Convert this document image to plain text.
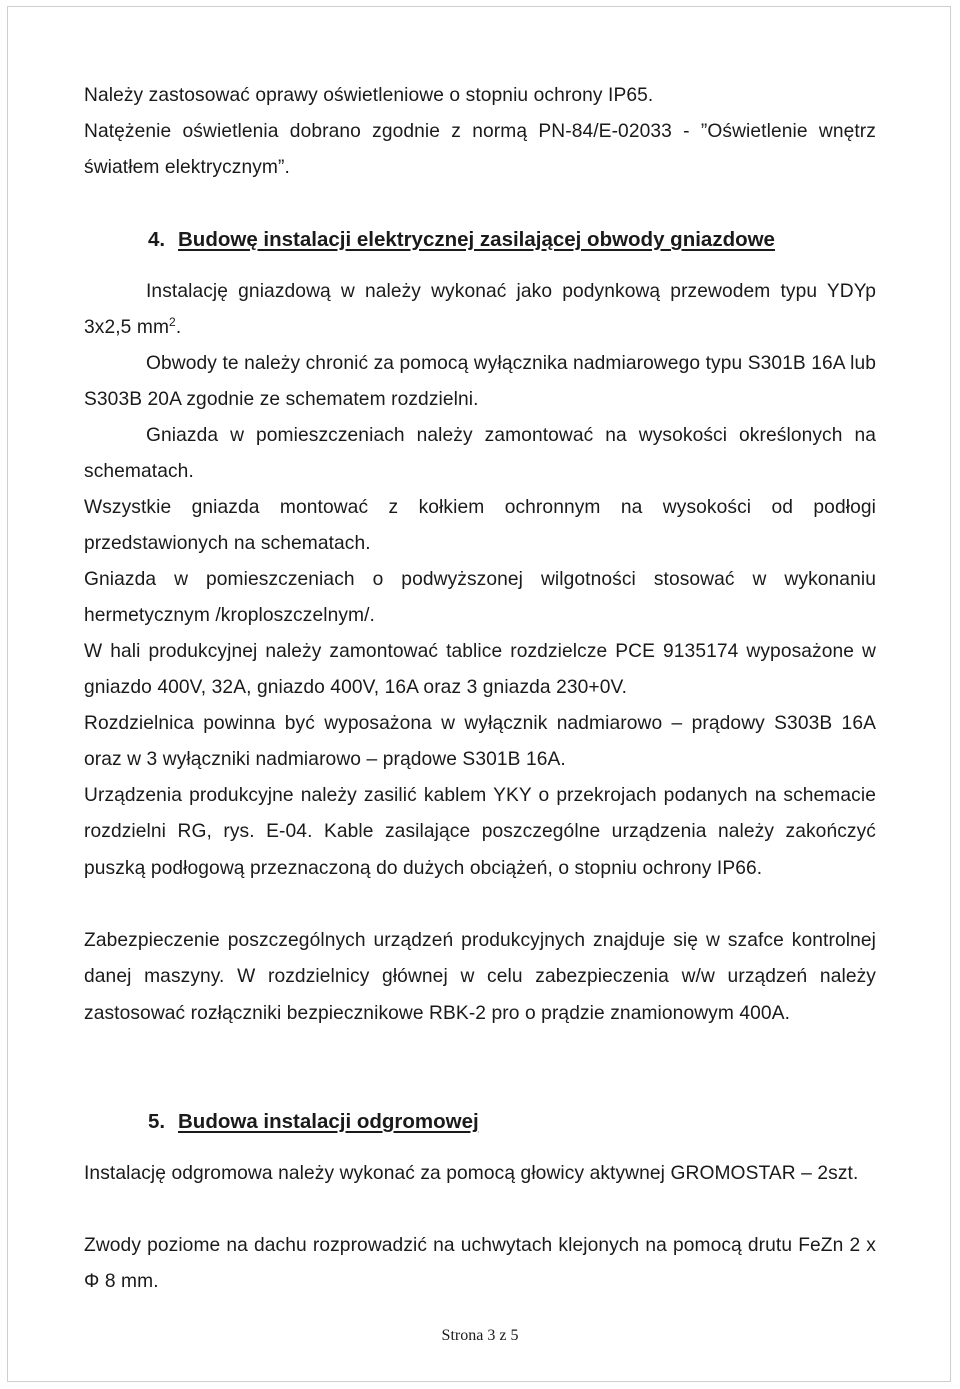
Należy zastosować oprawy oświetleniowe o stopniu ochrony IP65.

Natężenie oświetlenia dobrano zgodnie z normą PN-84/E-02033 - ”Oświetlenie wnętrz światłem elektrycznym”.

4. Budowę instalacji elektrycznej zasilającej obwody gniazdowe

Instalację gniazdową w należy wykonać jako podynkową przewodem typu YDYp 3x2,5 $mm^2$.

Obwody te należy chronić za pomocą wyłącznika nadmiarowego typu S301B 16A lub S303B 20A zgodnie ze schematem rozdzielni.

Gniazda w pomieszczeniach należy zamontować na wysokości określonych na schematach.

Wszystkie gniazda montować z kołkiem ochronnym na wysokości od podłogi przedstawionych na schematach.

Gniazda w pomieszczeniach o podwyższonej wilgotności stosować w wykonaniu hermetycznym /kroploszczelnym/.

W hali produkcyjnej należy zamontować tablice rozdzielcze PCE 9135174 wyposażone w gniazdo 400V, 32A, gniazdo 400V, 16A oraz 3 gniazda 230+0V.

Rozdzielnica powinna być wyposażona w wyłącznik nadmiarowo – prądowy S303B 16A oraz w 3 wyłączniki nadmiarowo – prądowe S301B 16A.

Urządzenia produkcyjne należy zasilić kablem YKY o przekrojach podanych na schemacie rozdzielni RG, rys. E-04. Kable zasilające poszczególne urządzenia należy zakończyć puszką podłogową przeznaczoną do dużych obciążeń, o stopniu ochrony IP66.

Zabezpieczenie poszczególnych urządzeń produkcyjnych znajduje się w szafce kontrolnej danej maszyny. W rozdzielnicy głównej w celu zabezpieczenia w/w urządzeń należy zastosować rozłączniki bezpiecznikowe RBK-2 pro o prądzie znamionowym 400A.

5. Budowa instalacji odgromowej

Instalację odgromowa należy wykonać za pomocą głowicy aktywnej GROMOSTAR – 2szt.

Zwody poziome na dachu rozprowadzić na uchwytach klejonych na pomocą drutu FeZn 2 x Φ 8 mm.

Strona 3 z 5
